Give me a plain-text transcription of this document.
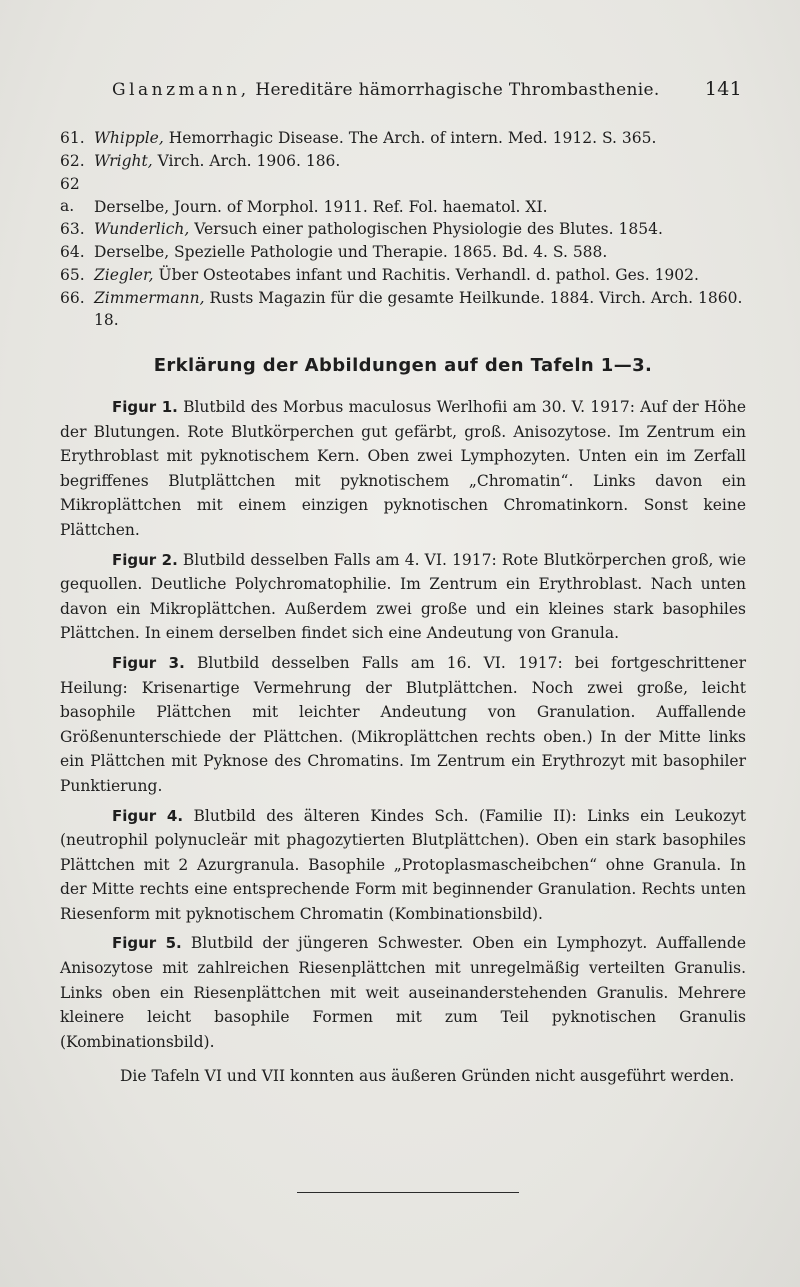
Glanzmann, Hereditäre hämorrhagische Thrombasthenie. 141
61. Whipple, Hemorrhagic Disease. The Arch. of intern. Med. 1912. S. 365.
62. Wright, Virch. Arch. 1906. 186.
62 a. Derselbe, Journ. of Morphol. 1911. Ref. Fol. haematol. XI.
63. Wunderlich, Versuch einer pathologischen Physiologie des Blutes. 1854.
64. Derselbe, Spezielle Pathologie und Therapie. 1865. Bd. 4. S. 588.
65. Ziegler, Über Osteotabes infant und Rachitis. Verhandl. d. pathol. Ges. 1902.
66. Zimmermann, Rusts Magazin für die gesamte Heilkunde. 1884. Virch. Arch. 1860. 18.
Erklärung der Abbildungen auf den Tafeln 1—3.

Figur 1. Blutbild des Morbus maculosus Werlhofii am 30. V. 1917: Auf der Höhe der Blutungen. Rote Blutkörperchen gut gefärbt, groß. Anisozytose. Im Zentrum ein Erythroblast mit pyknotischem Kern. Oben zwei Lymphozyten. Unten ein im Zerfall begriffenes Blutplättchen mit pyknotischem „Chromatin“. Links davon ein Mikroplättchen mit einem einzigen pyknotischen Chromatinkorn. Sonst keine Plättchen.

Figur 2. Blutbild desselben Falls am 4. VI. 1917: Rote Blutkörperchen groß, wie gequollen. Deutliche Polychromatophilie. Im Zentrum ein Erythroblast. Nach unten davon ein Mikroplättchen. Außerdem zwei große und ein kleines stark basophiles Plättchen. In einem derselben findet sich eine Andeutung von Granula.

Figur 3. Blutbild desselben Falls am 16. VI. 1917: bei fortgeschrittener Heilung: Krisenartige Vermehrung der Blutplättchen. Noch zwei große, leicht basophile Plättchen mit leichter Andeutung von Granulation. Auffallende Größenunterschiede der Plättchen. (Mikroplättchen rechts oben.) In der Mitte links ein Plättchen mit Pyknose des Chromatins. Im Zentrum ein Erythrozyt mit basophiler Punktierung.

Figur 4. Blutbild des älteren Kindes Sch. (Familie II): Links ein Leukozyt (neutrophil polynucleär mit phagozytierten Blutplättchen). Oben ein stark basophiles Plättchen mit 2 Azurgranula. Basophile „Protoplasmascheibchen“ ohne Granula. In der Mitte rechts eine entsprechende Form mit beginnender Granulation. Rechts unten Riesenform mit pyknotischem Chromatin (Kombinationsbild).

Figur 5. Blutbild der jüngeren Schwester. Oben ein Lymphozyt. Auffallende Anisozytose mit zahlreichen Riesenplättchen mit unregelmäßig verteilten Granulis. Links oben ein Riesenplättchen mit weit auseinanderstehenden Granulis. Mehrere kleinere leicht basophile Formen mit zum Teil pyknotischen Granulis (Kombinationsbild).

Die Tafeln VI und VII konnten aus äußeren Gründen nicht ausgeführt werden.
